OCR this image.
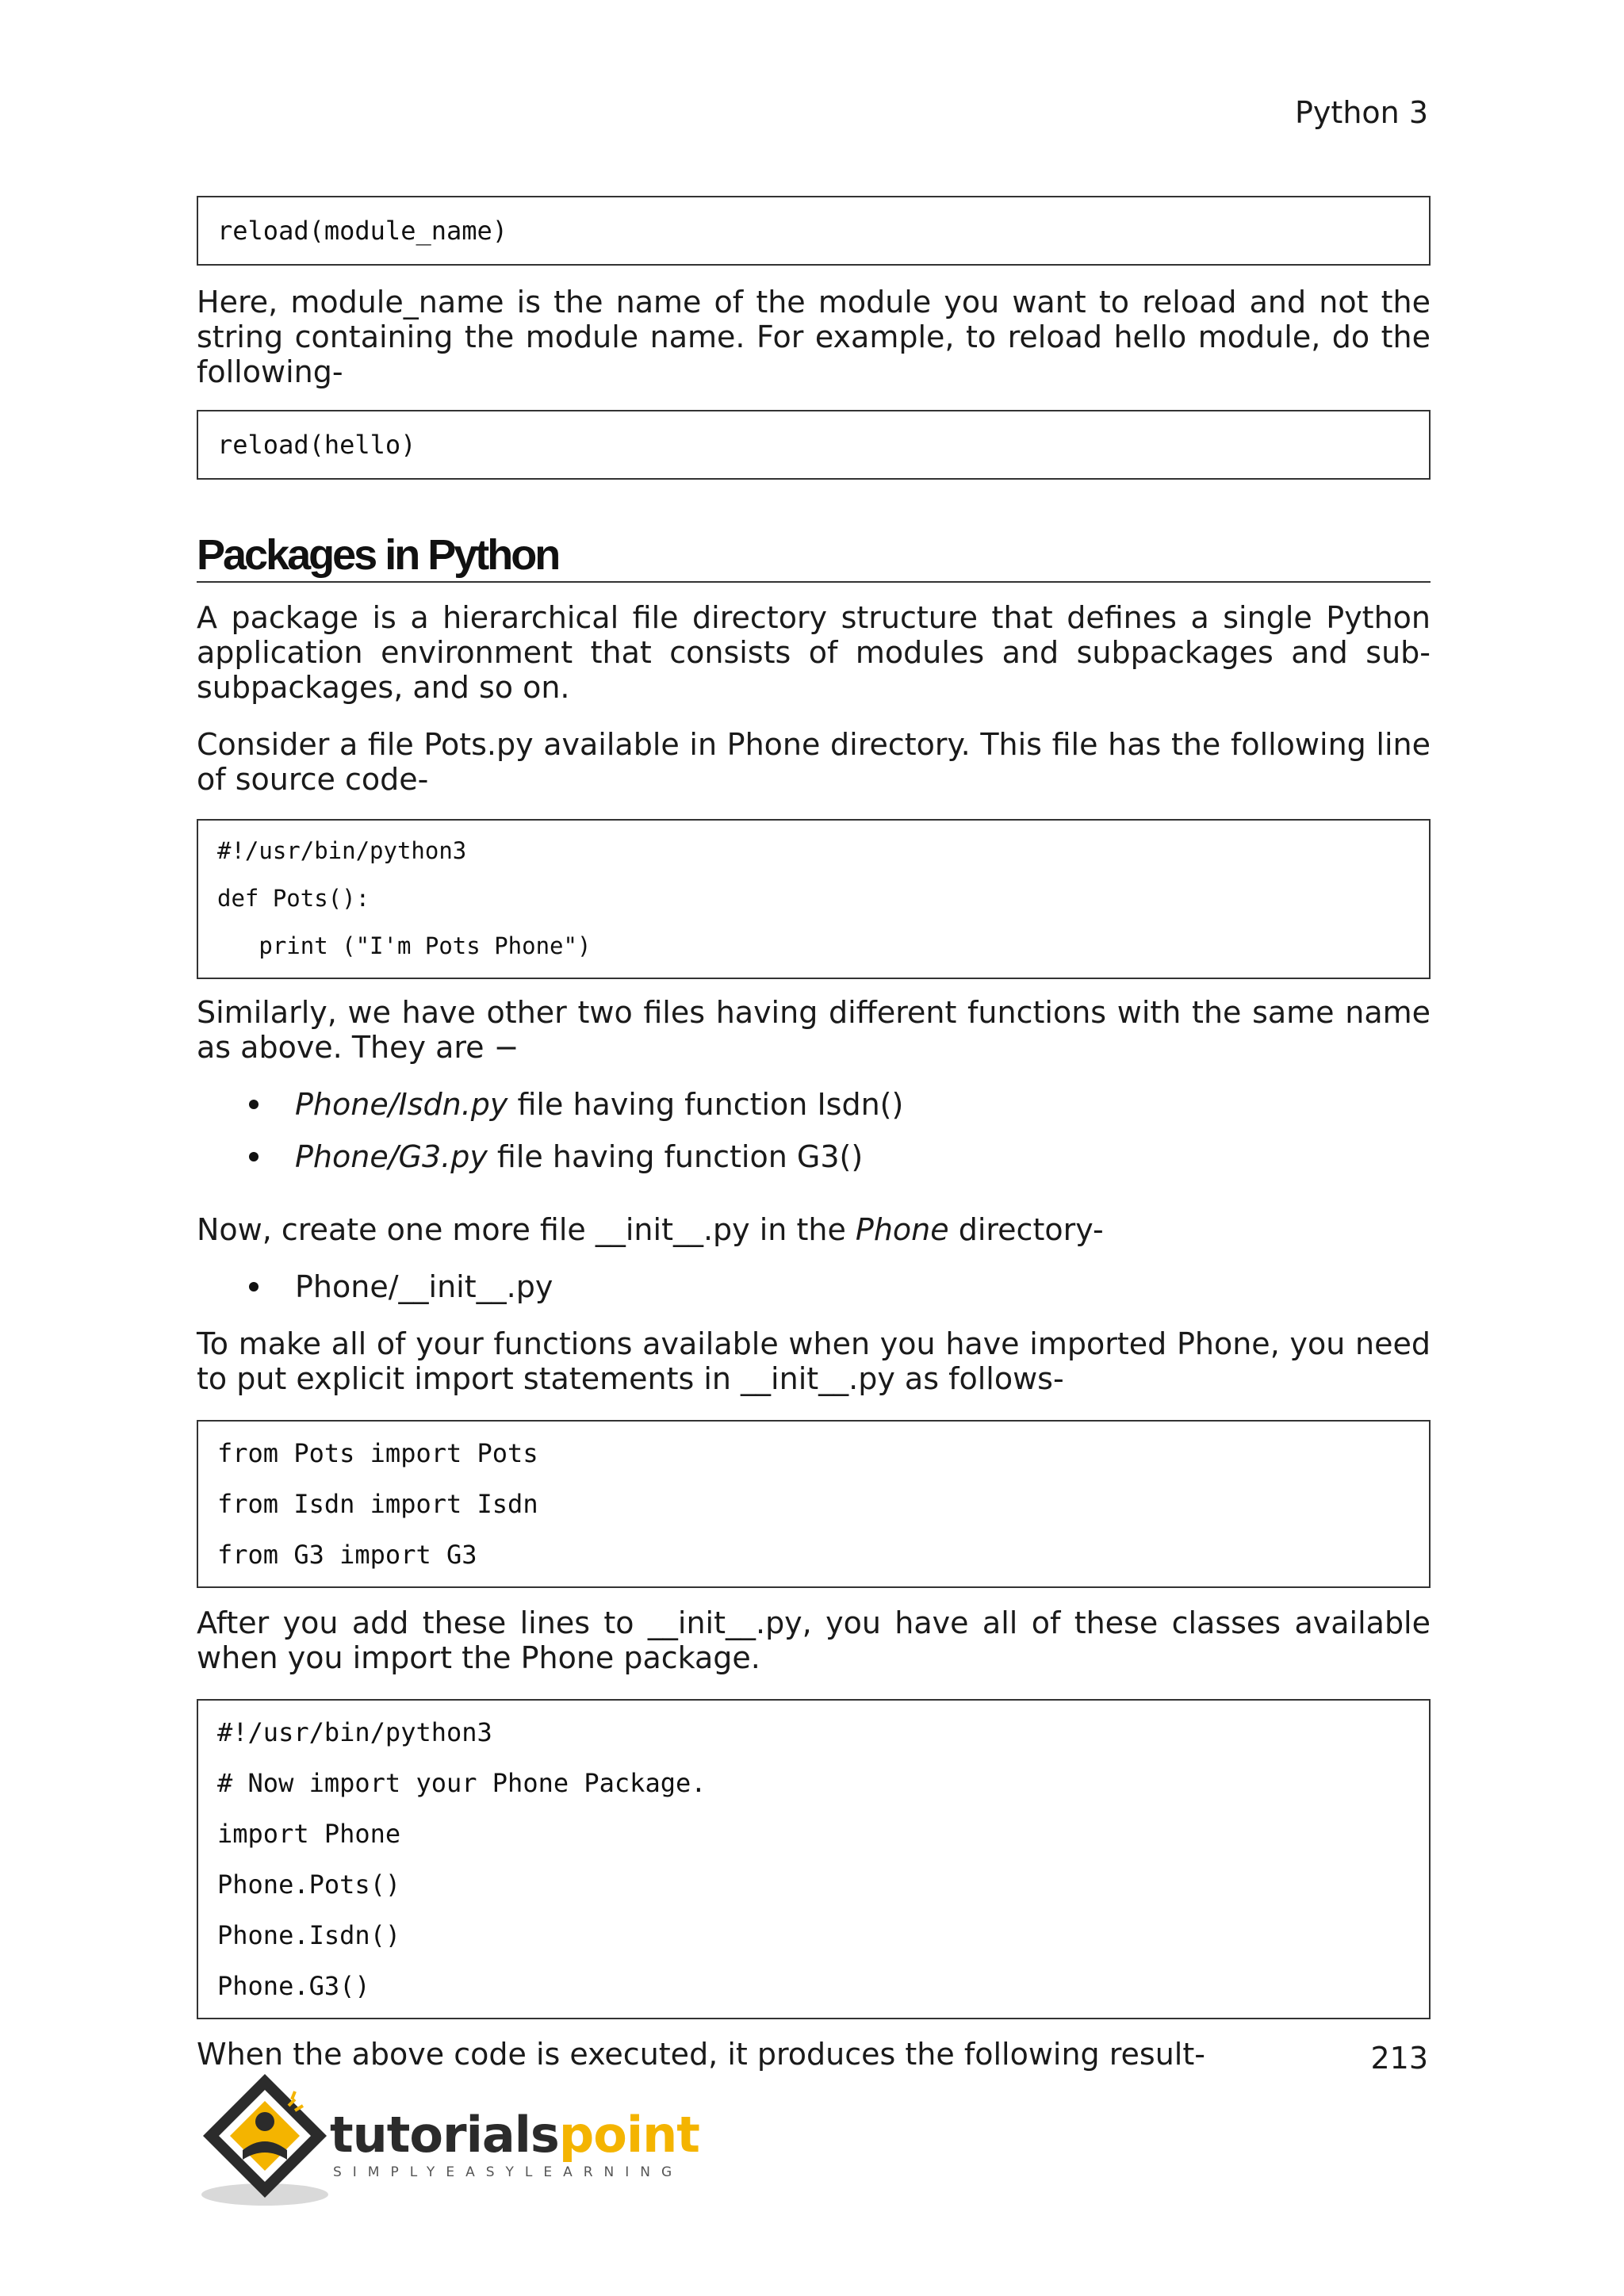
Python 3
reload(module_name)

Here, module_name is the name of the module you want to reload and not the string containing the module name. For example, to reload hello module, do the following-

reload(hello)
Packages in Python

A package is a hierarchical file directory structure that defines a single Python application environment that consists of modules and subpackages and sub-subpackages, and so on.

Consider a file Pots.py available in Phone directory. This file has the following line of source code-

#!/usr/bin/python3
def Pots():
print ("I'm Pots Phone")

Similarly, we have other two files having different functions with the same name as above. They are −

Phone/Isdn.py file having function Isdn()
Phone/G3.py file having function G3()

Now, create one more file __init__.py in the Phone directory-

Phone/__init__.py

To make all of your functions available when you have imported Phone, you need to put explicit import statements in __init__.py as follows-

from Pots import Pots
from Isdn import Isdn
from G3 import G3

After you add these lines to __init__.py, you have all of these classes available when you import the Phone package.

#!/usr/bin/python3
# Now import your Phone Package.
import Phone
Phone.Pots()
Phone.Isdn()
Phone.G3()

When the above code is executed, it produces the following result-	213
tutorialspoint
SIMPLYEASYLEARNING
